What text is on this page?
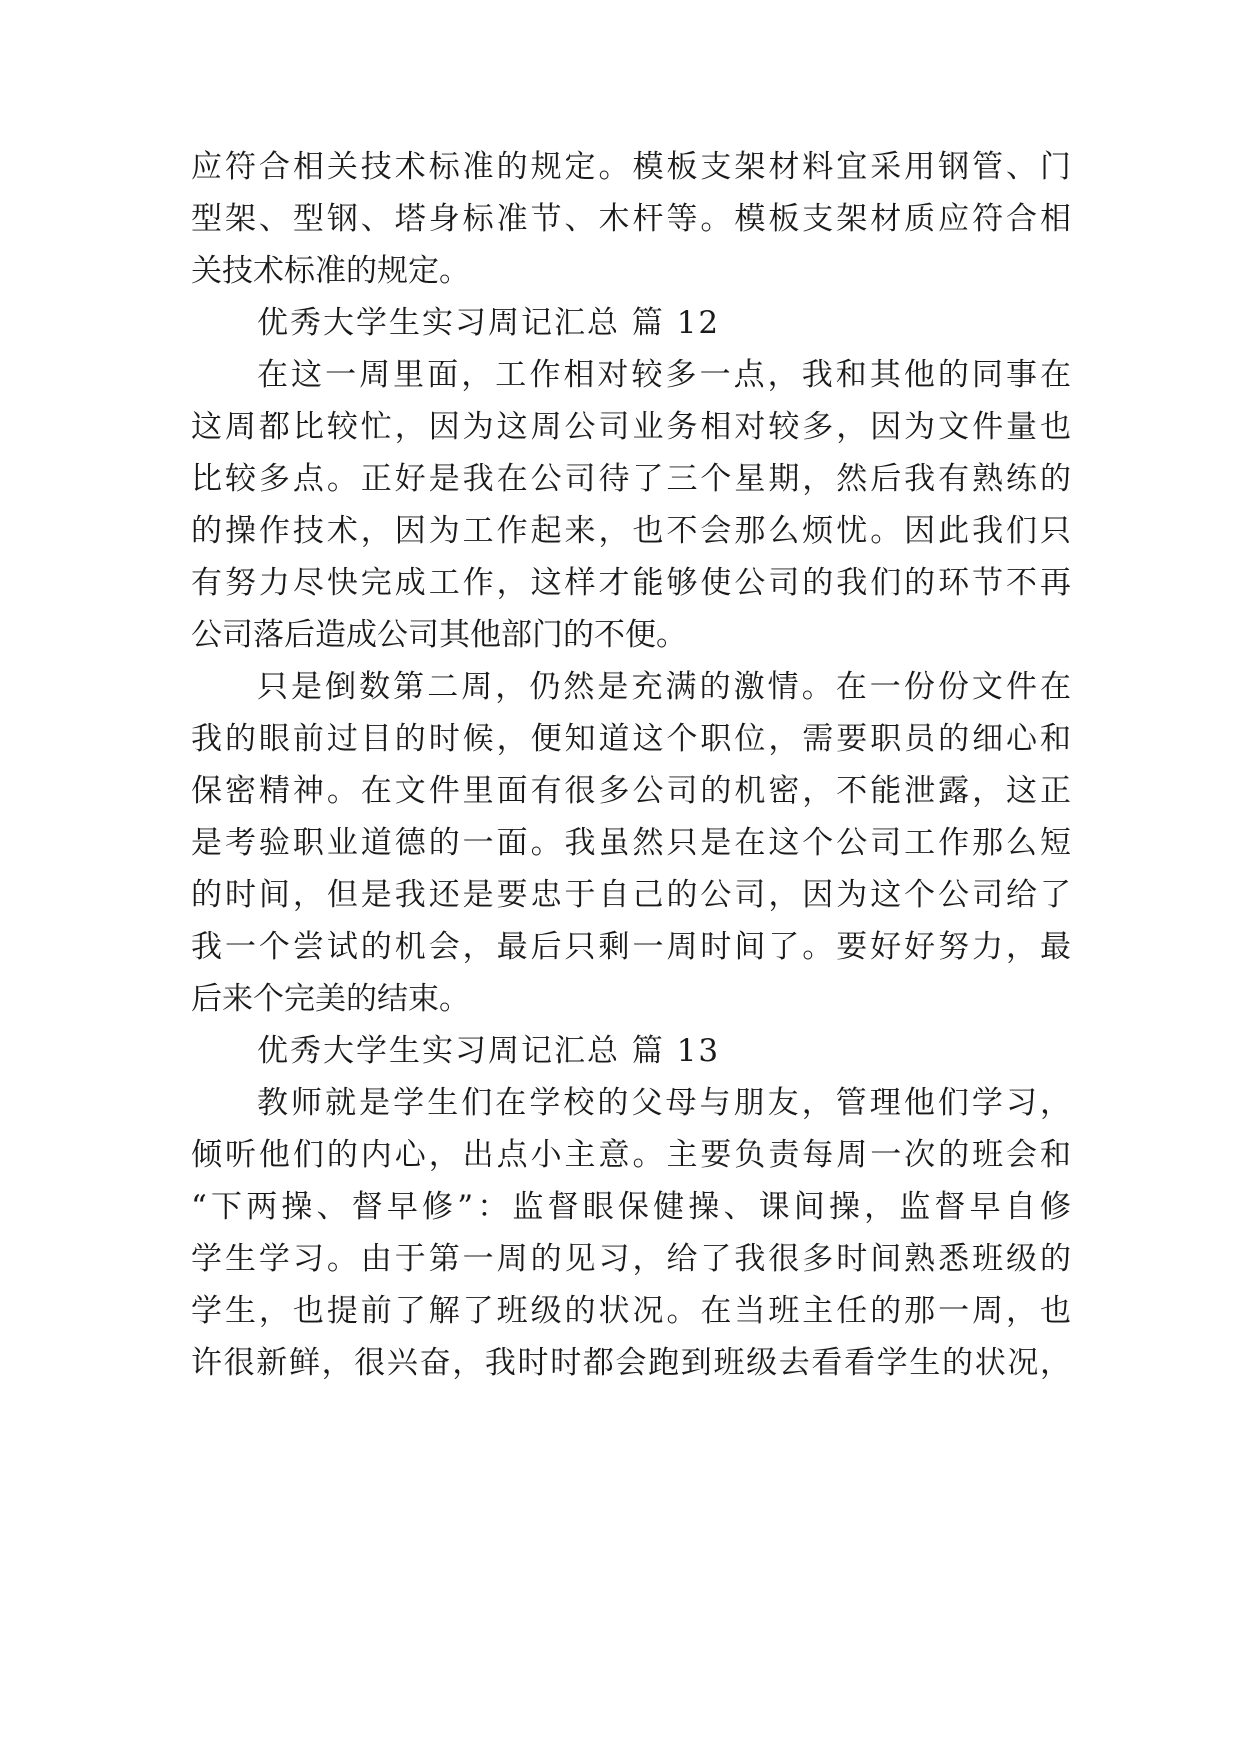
应符合相关技术标准的规定。模板支架材料宜采用钢管、门
型架、型钢、塔身标准节、木杆等。模板支架材质应符合相
关技术标准的规定。
优秀大学生实习周记汇总 篇 12
在这一周里面，工作相对较多一点，我和其他的同事在
这周都比较忙，因为这周公司业务相对较多，因为文件量也
比较多点。正好是我在公司待了三个星期，然后我有熟练的
的操作技术，因为工作起来，也不会那么烦忧。因此我们只
有努力尽快完成工作，这样才能够使公司的我们的环节不再
公司落后造成公司其他部门的不便。
只是倒数第二周，仍然是充满的激情。在一份份文件在
我的眼前过目的时候，便知道这个职位，需要职员的细心和
保密精神。在文件里面有很多公司的机密，不能泄露，这正
是考验职业道德的一面。我虽然只是在这个公司工作那么短
的时间，但是我还是要忠于自己的公司，因为这个公司给了
我一个尝试的机会，最后只剩一周时间了。要好好努力，最
后来个完美的结束。
优秀大学生实习周记汇总 篇 13
教师就是学生们在学校的父母与朋友，管理他们学习，
倾听他们的内心，出点小主意。主要负责每周一次的班会和
“下两操、督早修”：监督眼保健操、课间操，监督早自修
学生学习。由于第一周的见习，给了我很多时间熟悉班级的
学生，也提前了解了班级的状况。在当班主任的那一周，也
许很新鲜，很兴奋，我时时都会跑到班级去看看学生的状况，
